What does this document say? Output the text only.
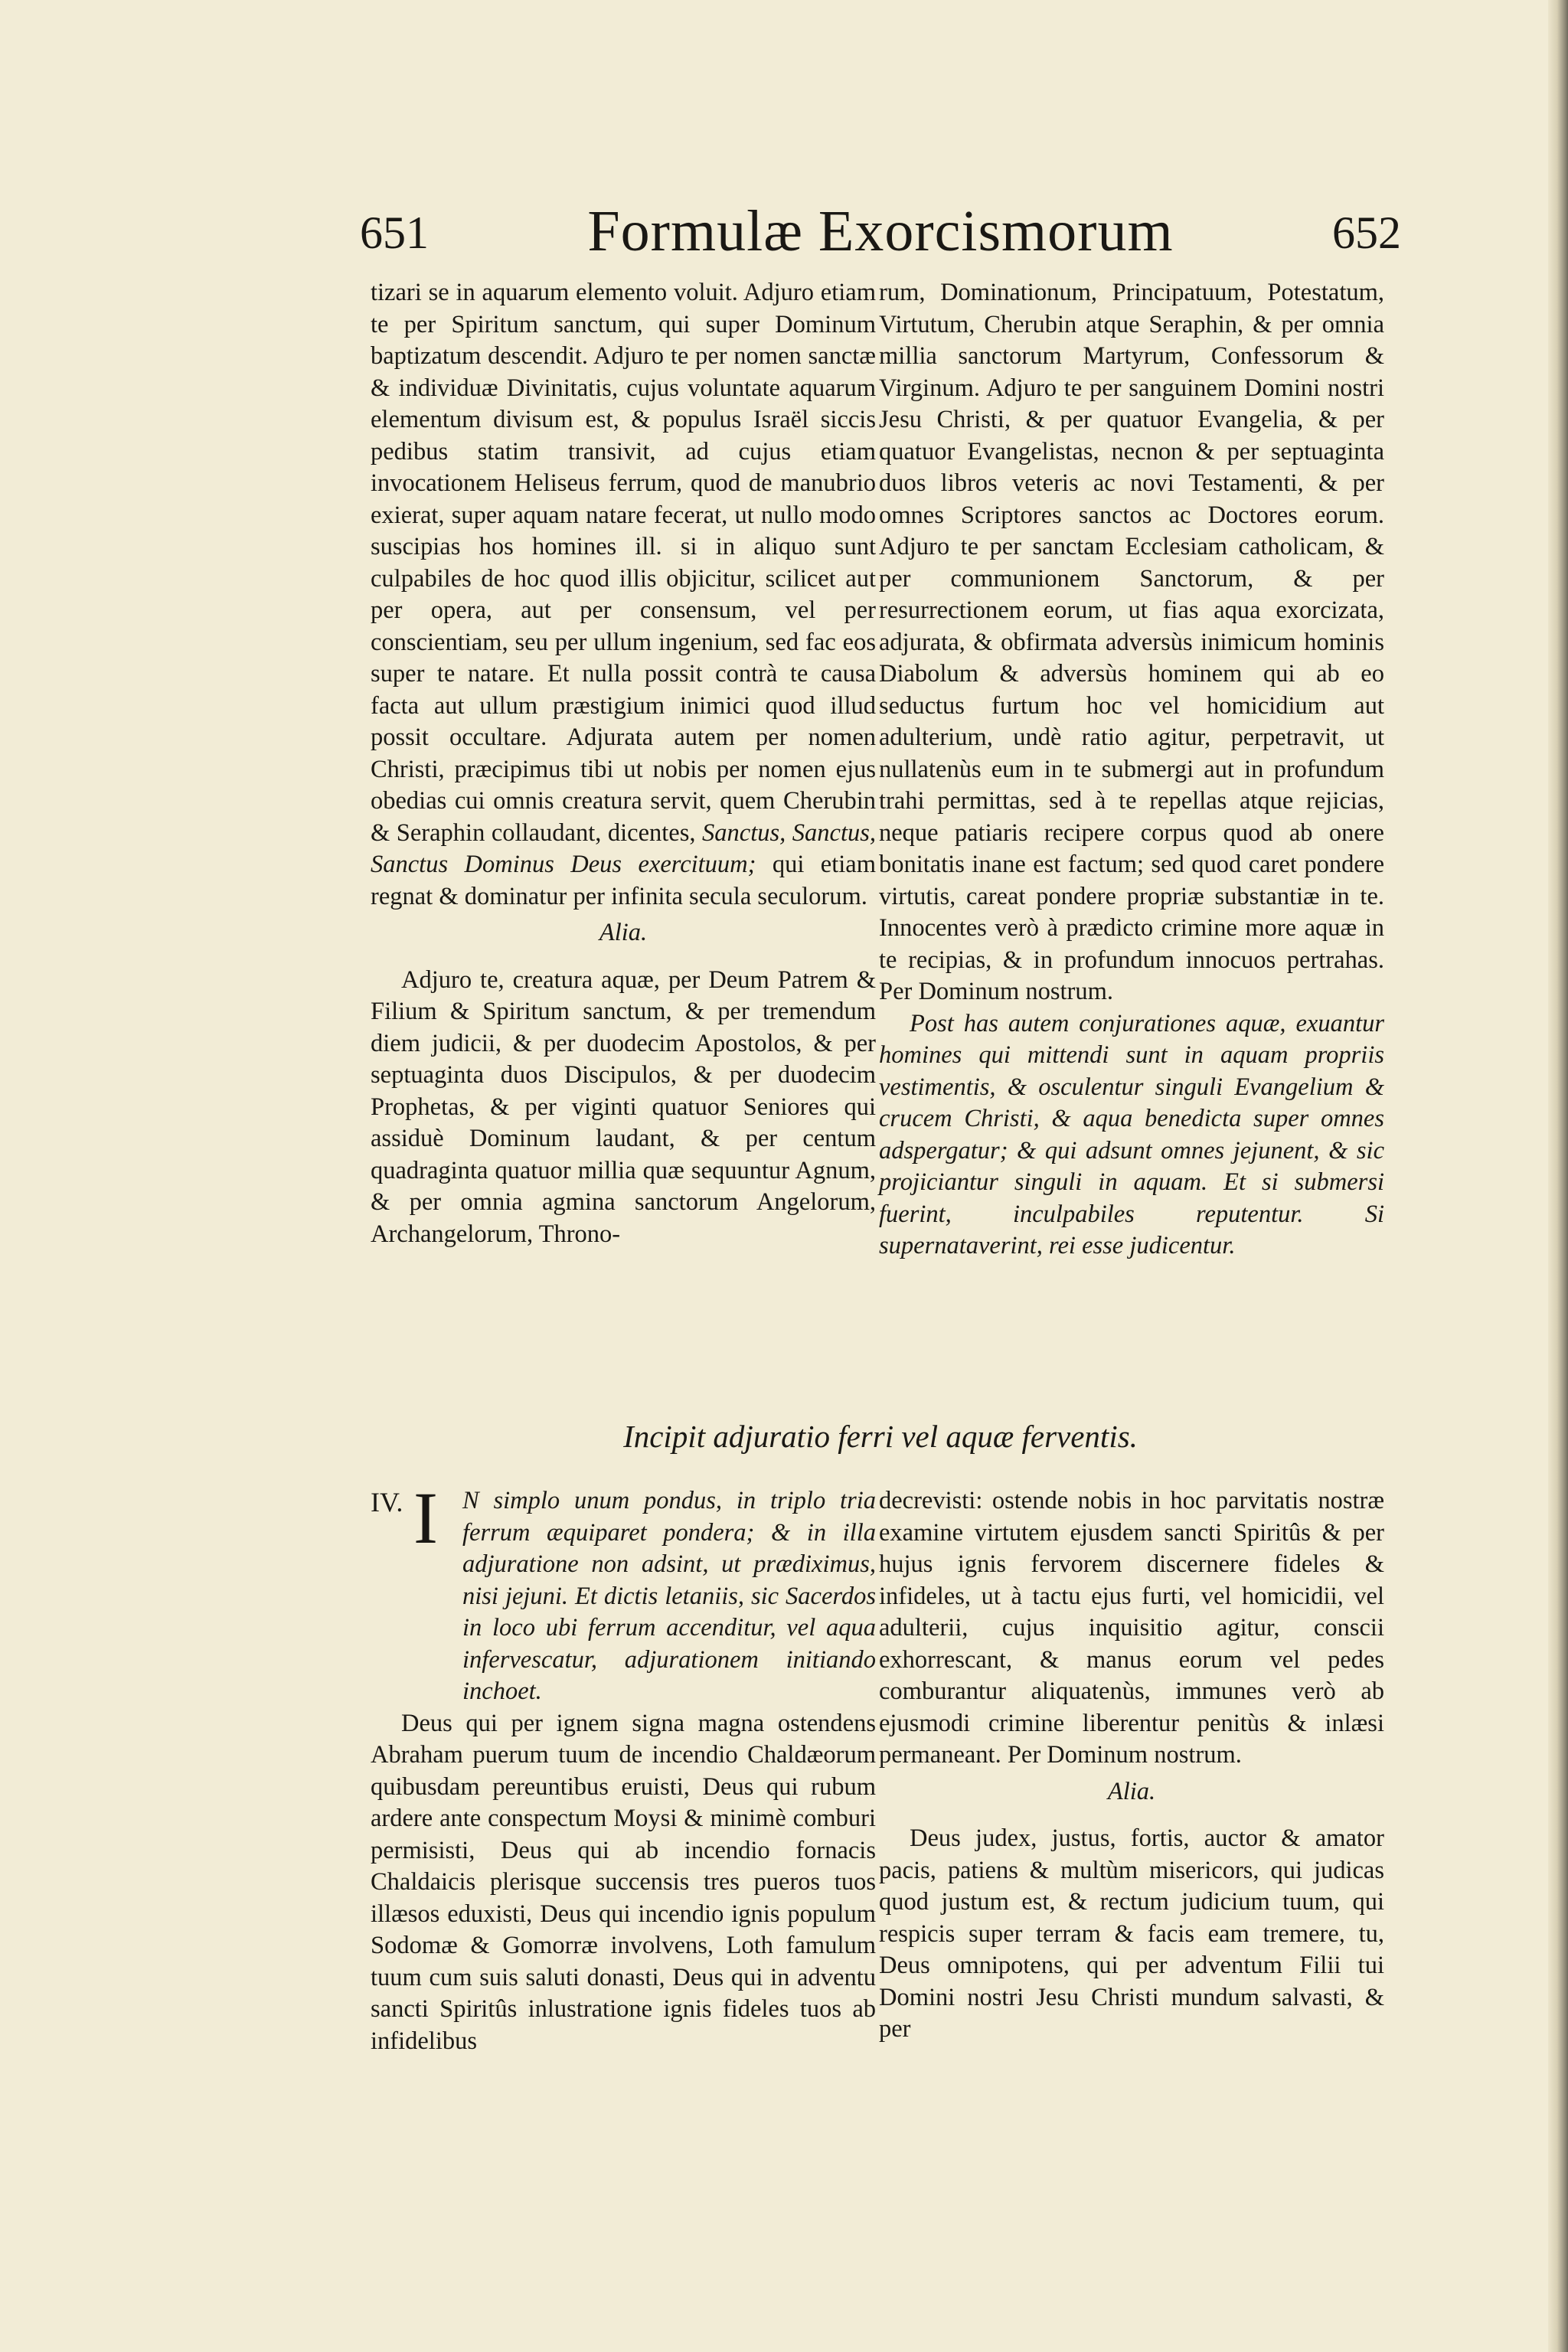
651	Formulæ Exorcismorum	652

tizari se in aquarum elemento voluit. Adjuro etiam te per Spiritum sanctum, qui super Dominum baptizatum descendit. Adjuro te per nomen sanctæ & individuæ Divinitatis, cujus voluntate aquarum elementum divisum est, & populus Israël siccis pedibus statim transivit, ad cujus etiam invocationem Heliseus ferrum, quod de manubrio exierat, super aquam natare fecerat, ut nullo modo suscipias hos homines ill. si in aliquo sunt culpabiles de hoc quod illis objicitur, scilicet aut per opera, aut per consensum, vel per conscientiam, seu per ullum ingenium, sed fac eos super te natare. Et nulla possit contrà te causa facta aut ullum præstigium inimici quod illud possit occultare. Adjurata autem per nomen Christi, præcipimus tibi ut nobis per nomen ejus obedias cui omnis creatura servit, quem Cherubin & Seraphin collaudant, dicentes, Sanctus, Sanctus, Sanctus Dominus Deus exercituum; qui etiam regnat & dominatur per infinita secula seculorum.

Alia.

Adjuro te, creatura aquæ, per Deum Patrem & Filium & Spiritum sanctum, & per tremendum diem judicii, & per duodecim Apostolos, & per septuaginta duos Discipulos, & per duodecim Prophetas, & per viginti quatuor Seniores qui assiduè Dominum laudant, & per centum quadraginta quatuor millia quæ sequuntur Agnum, & per omnia agmina sanctorum Angelorum, Archangelorum, Throno-

rum, Dominationum, Principatuum, Potestatum, Virtutum, Cherubin atque Seraphin, & per omnia millia sanctorum Martyrum, Confessorum & Virginum. Adjuro te per sanguinem Domini nostri Jesu Christi, & per quatuor Evangelia, & per quatuor Evangelistas, necnon & per septuaginta duos libros veteris ac novi Testamenti, & per omnes Scriptores sanctos ac Doctores eorum. Adjuro te per sanctam Ecclesiam catholicam, & per communionem Sanctorum, & per resurrectionem eorum, ut fias aqua exorcizata, adjurata, & obfirmata adversùs inimicum hominis Diabolum & adversùs hominem qui ab eo seductus furtum hoc vel homicidium aut adulterium, undè ratio agitur, perpetravit, ut nullatenùs eum in te submergi aut in profundum trahi permittas, sed à te repellas atque rejicias, neque patiaris recipere corpus quod ab onere bonitatis inane est factum; sed quod caret pondere virtutis, careat pondere propriæ substantiæ in te. Innocentes verò à prædicto crimine more aquæ in te recipias, & in profundum innocuos pertrahas. Per Dominum nostrum.

Post has autem conjurationes aquæ, exuantur homines qui mittendi sunt in aquam propriis vestimentis, & osculentur singuli Evangelium & crucem Christi, & aqua benedicta super omnes adspergatur; & qui adsunt omnes jejunent, & sic projiciantur singuli in aquam. Et si submersi fuerint, inculpabiles reputentur. Si supernataverint, rei esse judicentur.

Incipit adjuratio ferri vel aquæ ferventis.
IV. I N simplo unum pondus, in triplo tria ferrum æquiparet pondera; & in illa adjuratione non adsint, ut prædiximus, nisi jejuni. Et dictis letaniis, sic Sacerdos in loco ubi ferrum accenditur, vel aqua infervescatur, adjurationem initiando inchoet.

Deus qui per ignem signa magna ostendens Abraham puerum tuum de incendio Chaldæorum quibusdam pereuntibus eruisti, Deus qui rubum ardere ante conspectum Moysi & minimè comburi permisisti, Deus qui ab incendio fornacis Chaldaicis plerisque succensis tres pueros tuos illæsos eduxisti, Deus qui incendio ignis populum Sodomæ & Gomorræ involvens, Loth famulum tuum cum suis saluti donasti, Deus qui in adventu sancti Spiritûs inlustratione ignis fideles tuos ab infidelibus

decrevisti: ostende nobis in hoc parvitatis nostræ examine virtutem ejusdem sancti Spiritûs & per hujus ignis fervorem discernere fideles & infideles, ut à tactu ejus furti, vel homicidii, vel adulterii, cujus inquisitio agitur, conscii exhorrescant, & manus eorum vel pedes comburantur aliquatenùs, immunes verò ab ejusmodi crimine liberentur penitùs & inlæsi permaneant. Per Dominum nostrum.

Alia.

Deus judex, justus, fortis, auctor & amator pacis, patiens & multùm misericors, qui judicas quod justum est, & rectum judicium tuum, qui respicis super terram & facis eam tremere, tu, Deus omnipotens, qui per adventum Filii tui Domini nostri Jesu Christi mundum salvasti, & per
